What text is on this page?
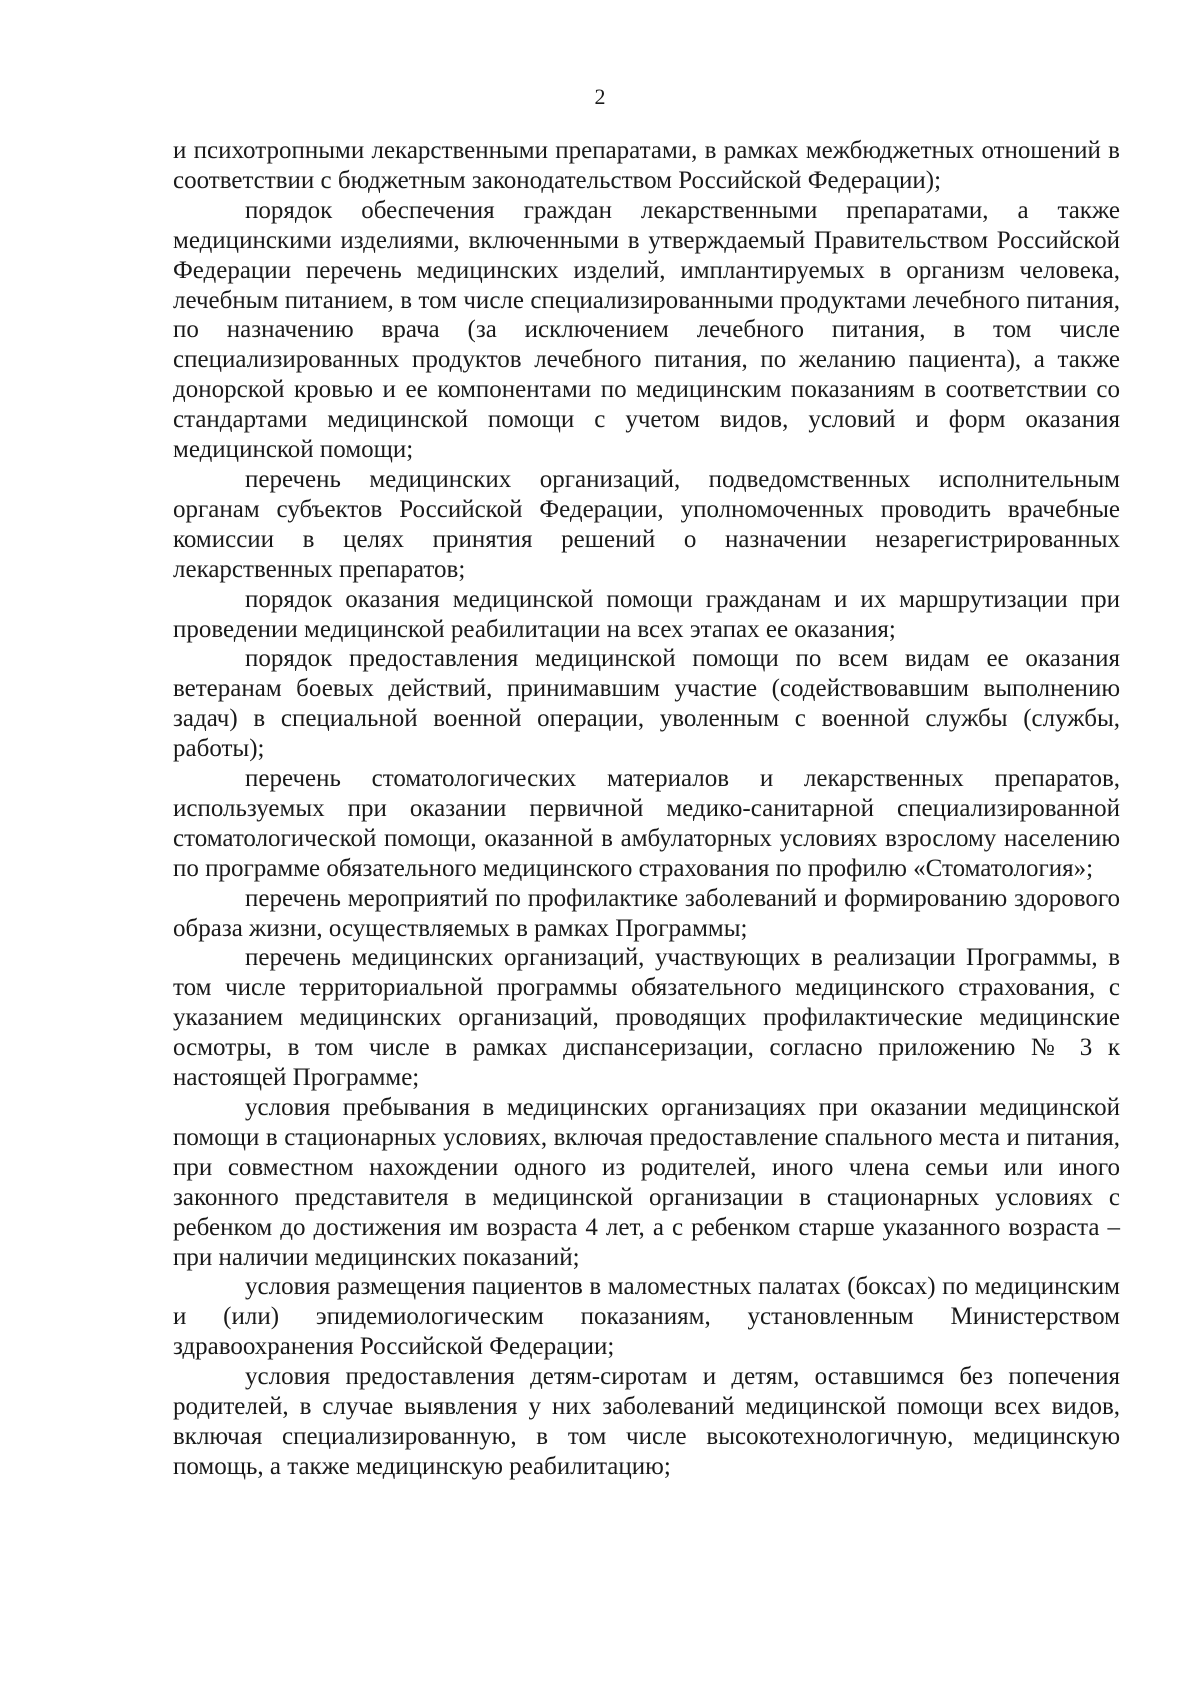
2

и психотропными лекарственными препаратами, в рамках межбюджетных отношений в соответствии с бюджетным законодательством Российской Федерации);

порядок обеспечения граждан лекарственными препаратами, а также медицинскими изделиями, включенными в утверждаемый Правительством Российской Федерации перечень медицинских изделий, имплантируемых в организм человека, лечебным питанием, в том числе специализированными продуктами лечебного питания, по назначению врача (за исключением лечебного питания, в том числе специализированных продуктов лечебного питания, по желанию пациента), а также донорской кровью и ее компонентами по медицинским показаниям в соответствии со стандартами медицинской помощи с учетом видов, условий и форм оказания медицинской помощи;

перечень медицинских организаций, подведомственных исполнительным органам субъектов Российской Федерации, уполномоченных проводить врачебные комиссии в целях принятия решений о назначении незарегистрированных лекарственных препаратов;

порядок оказания медицинской помощи гражданам и их маршрутизации при проведении медицинской реабилитации на всех этапах ее оказания;

порядок предоставления медицинской помощи по всем видам ее оказания ветеранам боевых действий, принимавшим участие (содействовавшим выполнению задач) в специальной военной операции, уволенным с военной службы (службы, работы);

перечень стоматологических материалов и лекарственных препаратов, используемых при оказании первичной медико-санитарной специализированной стоматологической помощи, оказанной в амбулаторных условиях взрослому населению по программе обязательного медицинского страхования по профилю «Стоматология»;

перечень мероприятий по профилактике заболеваний и формированию здорового образа жизни, осуществляемых в рамках Программы;

перечень медицинских организаций, участвующих в реализации Программы, в том числе территориальной программы обязательного медицинского страхования, с указанием медицинских организаций, проводящих профилактические медицинские осмотры, в том числе в рамках диспансеризации, согласно приложению № 3 к настоящей Программе;

условия пребывания в медицинских организациях при оказании медицинской помощи в стационарных условиях, включая предоставление спального места и питания, при совместном нахождении одного из родителей, иного члена семьи или иного законного представителя в медицинской организации в стационарных условиях с ребенком до достижения им возраста 4 лет, а с ребенком старше указанного возраста – при наличии медицинских показаний;

условия размещения пациентов в маломестных палатах (боксах) по медицинским и (или) эпидемиологическим показаниям, установленным Министерством здравоохранения Российской Федерации;

условия предоставления детям-сиротам и детям, оставшимся без попечения родителей, в случае выявления у них заболеваний медицинской помощи всех видов, включая специализированную, в том числе высокотехнологичную, медицинскую помощь, а также медицинскую реабилитацию;
